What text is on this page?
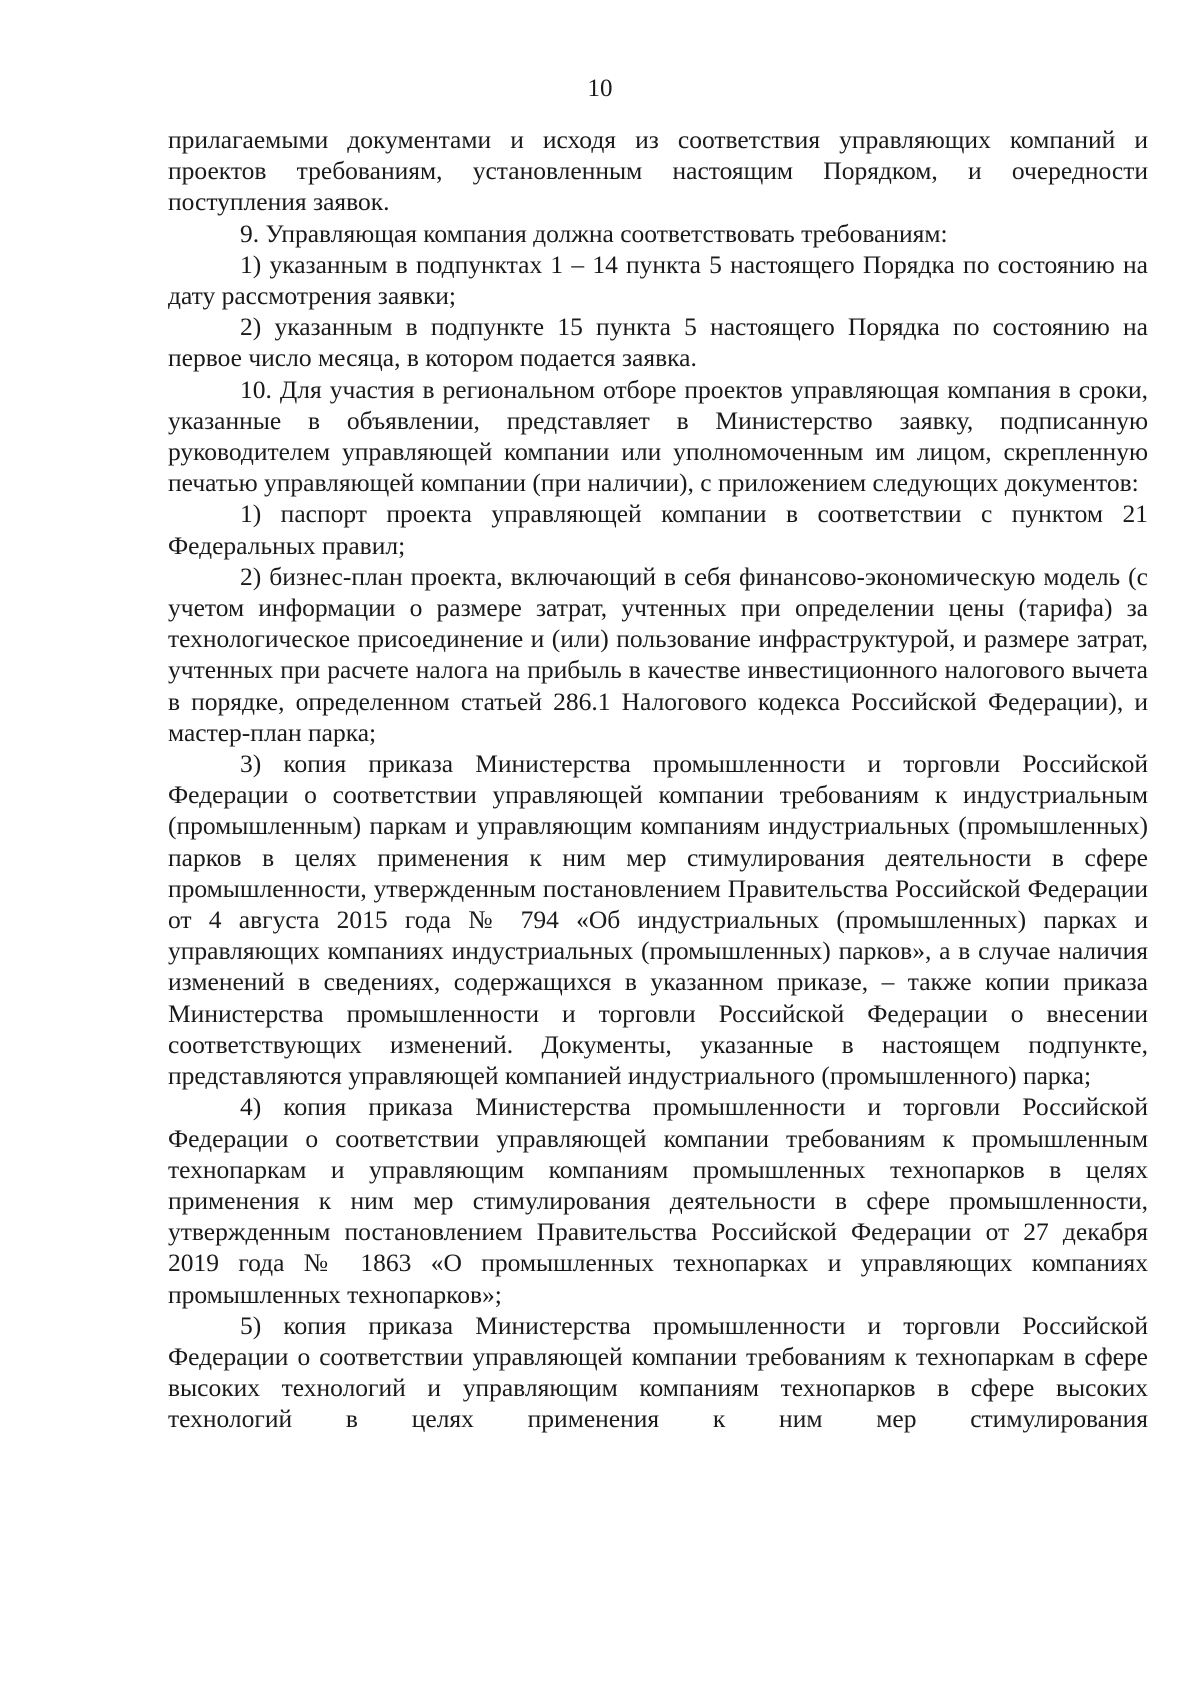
10

прилагаемыми документами и исходя из соответствия управляющих компаний и проектов требованиям, установленным настоящим Порядком, и очередности поступления заявок.

9. Управляющая компания должна соответствовать требованиям:

1) указанным в подпунктах 1 – 14 пункта 5 настоящего Порядка по состоянию на дату рассмотрения заявки;

2) указанным в подпункте 15 пункта 5 настоящего Порядка по состоянию на первое число месяца, в котором подается заявка.

10. Для участия в региональном отборе проектов управляющая компания в сроки, указанные в объявлении, представляет в Министерство заявку, подписанную руководителем управляющей компании или уполномоченным им лицом, скрепленную печатью управляющей компании (при наличии), с приложением следующих документов:

1) паспорт проекта управляющей компании в соответствии с пунктом 21 Федеральных правил;

2) бизнес-план проекта, включающий в себя финансово-экономическую модель (с учетом информации о размере затрат, учтенных при определении цены (тарифа) за технологическое присоединение и (или) пользование инфраструктурой, и размере затрат, учтенных при расчете налога на прибыль в качестве инвестиционного налогового вычета в порядке, определенном статьей 286.1 Налогового кодекса Российской Федерации), и мастер-план парка;

3) копия приказа Министерства промышленности и торговли Российской Федерации о соответствии управляющей компании требованиям к индустриальным (промышленным) паркам и управляющим компаниям индустриальных (промышленных) парков в целях применения к ним мер стимулирования деятельности в сфере промышленности, утвержденным постановлением Правительства Российской Федерации от 4 августа 2015 года № 794 «Об индустриальных (промышленных) парках и управляющих компаниях индустриальных (промышленных) парков», а в случае наличия изменений в сведениях, содержащихся в указанном приказе, – также копии приказа Министерства промышленности и торговли Российской Федерации о внесении соответствующих изменений. Документы, указанные в настоящем подпункте, представляются управляющей компанией индустриального (промышленного) парка;

4) копия приказа Министерства промышленности и торговли Российской Федерации о соответствии управляющей компании требованиям к промышленным технопаркам и управляющим компаниям промышленных технопарков в целях применения к ним мер стимулирования деятельности в сфере промышленности, утвержденным постановлением Правительства Российской Федерации от 27 декабря 2019 года № 1863 «О промышленных технопарках и управляющих компаниях промышленных технопарков»;

5) копия приказа Министерства промышленности и торговли Российской Федерации о соответствии управляющей компании требованиям к технопаркам в сфере высоких технологий и управляющим компаниям технопарков в сфере высоких технологий в целях применения к ним мер стимулирования
